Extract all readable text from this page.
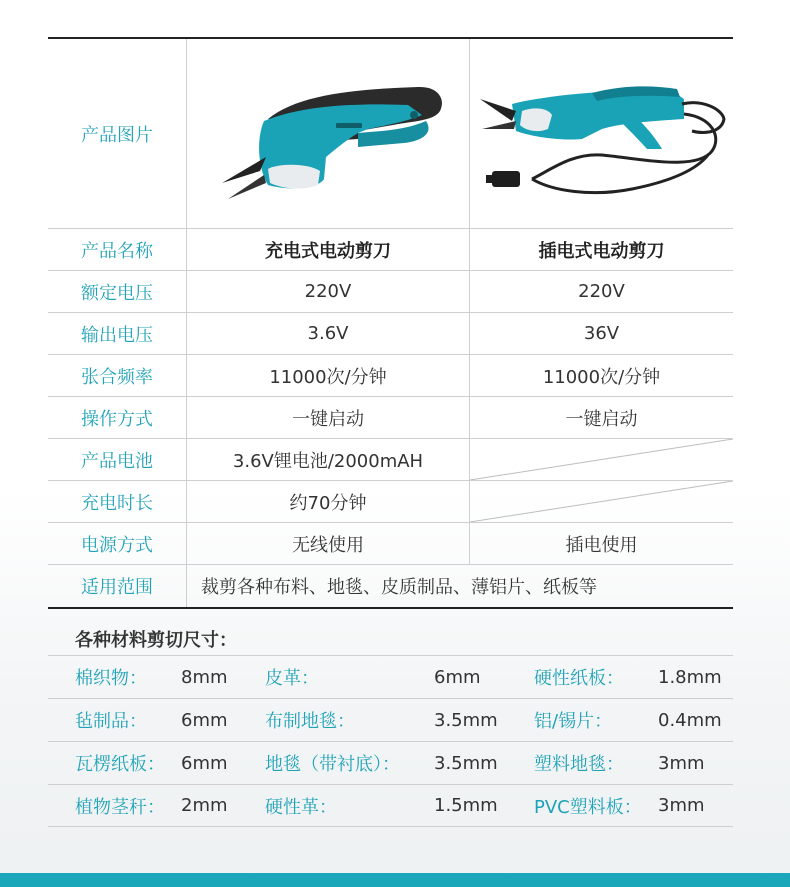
产品图片
产品名称	充电式电动剪刀	插电式电动剪刀
额定电压	220V	220V
输出电压	3.6V	36V
张合频率	11000次/分钟	11000次/分钟
操作方式	一键启动	一键启动
产品电池	3.6V锂电池/2000mAH
充电时长	约70分钟
电源方式	无线使用	插电使用
适用范围	裁剪各种布料、地毯、皮质制品、薄铝片、纸板等
各种材料剪切尺寸：
棉织物：	8mm	皮革：	6mm	硬性纸板：	1.8mm
毡制品：	6mm	布制地毯：	3.5mm	铝/锡片：	0.4mm
瓦楞纸板： 6mm	地毯（带衬底）：	3.5mm	塑料地毯：	3mm
植物茎秆： 2mm	硬性革：	1.5mm	PVC塑料板： 3mm
